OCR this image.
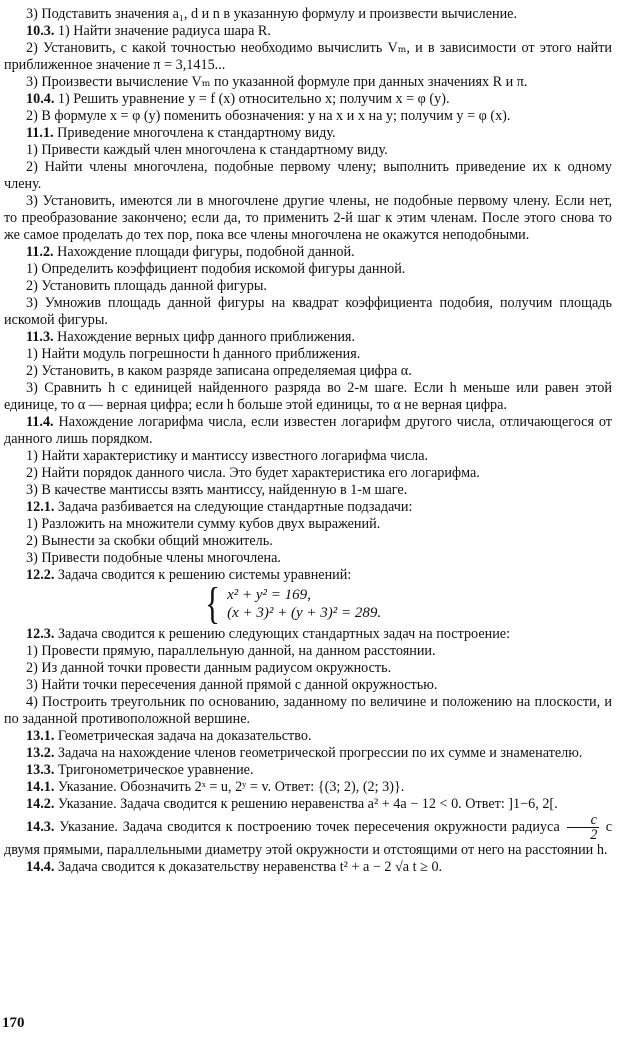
3) Подставить значения a₁, d и n в указанную формулу и произвести вычисление.

10.3. 1) Найти значение радиуса шара R.

2) Установить, с какой точностью необходимо вычислить Vₘ, и в зависимости от этого найти приближенное значение π = 3,1415...

3) Произвести вычисление Vₘ по указанной формуле при данных значениях R и π.

10.4. 1) Решить уравнение y = f (x) относительно x; получим x = φ (y).

2) В формуле x = φ (y) поменить обозначения: y на x и x на y; получим y = φ (x).

11.1. Приведение многочлена к стандартному виду.

1) Привести каждый член многочлена к стандартному виду.

2) Найти члены многочлена, подобные первому члену; выполнить приведение их к одному члену.

3) Установить, имеются ли в многочлене другие члены, не подобные первому члену. Если нет, то преобразование закончено; если да, то применить 2-й шаг к этим членам. После этого снова то же самое проделать до тех пор, пока все члены многочлена не окажутся неподобными.

11.2. Нахождение площади фигуры, подобной данной.

1) Определить коэффициент подобия искомой фигуры данной.

2) Установить площадь данной фигуры.

3) Умножив площадь данной фигуры на квадрат коэффициента подобия, получим площадь искомой фигуры.

11.3. Нахождение верных цифр данного приближения.

1) Найти модуль погрешности h данного приближения.

2) Установить, в каком разряде записана определяемая цифра α.

3) Сравнить h с единицей найденного разряда во 2-м шаге. Если h меньше или равен этой единице, то α — верная цифра; если h больше этой единицы, то α не верная цифра.

11.4. Нахождение логарифма числа, если известен логарифм другого числа, отличающегося от данного лишь порядком.

1) Найти характеристику и мантиссу известного логарифма числа.

2) Найти порядок данного числа. Это будет характеристика его логарифма.

3) В качестве мантиссы взять мантиссу, найденную в 1-м шаге.

12.1. Задача разбивается на следующие стандартные подзадачи:

1) Разложить на множители сумму кубов двух выражений.

2) Вынести за скобки общий множитель.

3) Привести подобные члены многочлена.

12.2. Задача сводится к решению системы уравнений:

{ x² + y² = 169,
(x + 3)² + (y + 3)² = 289.

12.3. Задача сводится к решению следующих стандартных задач на построение:

1) Провести прямую, параллельную данной, на данном расстоянии.

2) Из данной точки провести данным радиусом окружность.

3) Найти точки пересечения данной прямой с данной окружностью.

4) Построить треугольник по основанию, заданному по величине и положению на плоскости, и по заданной противоположной вершине.

13.1. Геометрическая задача на доказательство.

13.2. Задача на нахождение членов геометрической прогрессии по их сумме и знаменателю.

13.3. Тригонометрическое уравнение.

14.1. Указание. Обозначить 2ˣ = u, 2ʸ = v. Ответ: {(3; 2), (2; 3)}.

14.2. Указание. Задача сводится к решению неравенства a² + 4a − 12 < 0. Ответ: ]1−6, 2[.

14.3. Указание. Задача сводится к построению точек пересечения окружности радиуса $\frac{c}{2}$ с двумя прямыми, параллельными диаметру этой окружности и отстоящими от него на расстоянии h.

14.4. Задача сводится к доказательству неравенства t² + a − 2 √a t ≥ 0.

170
